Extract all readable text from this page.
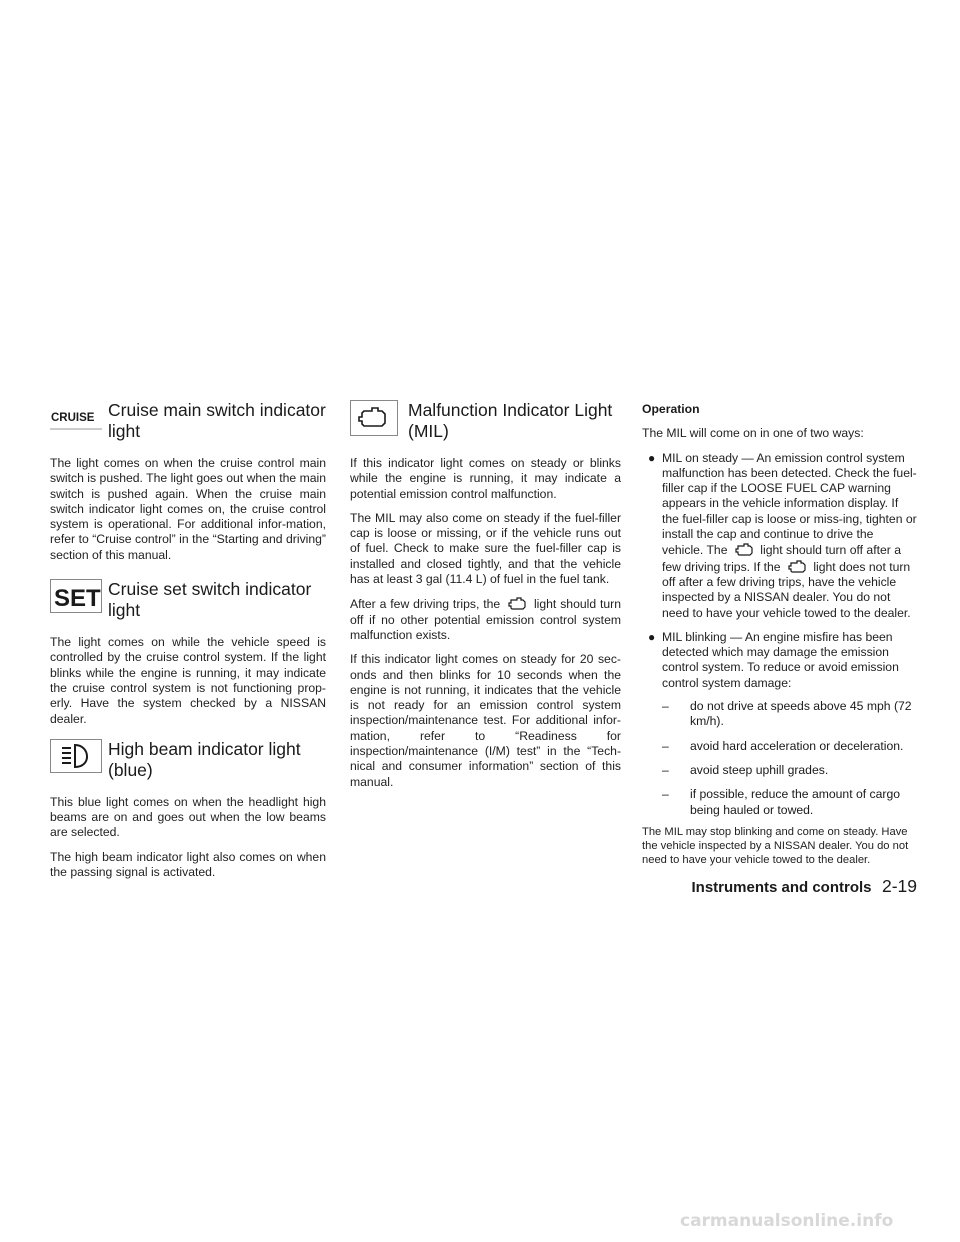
CRUISE Cruise main switch indicator light

The light comes on when the cruise control main switch is pushed. The light goes out when the main switch is pushed again. When the cruise main switch indicator light comes on, the cruise control system is operational. For additional infor-mation, refer to “Cruise control” in the “Starting and driving” section of this manual.

SET Cruise set switch indicator light

The light comes on while the vehicle speed is controlled by the cruise control system. If the light blinks while the engine is running, it may indicate the cruise control system is not functioning prop-erly. Have the system checked by a NISSAN dealer.

High beam indicator light (blue)

This blue light comes on when the headlight high beams are on and goes out when the low beams are selected.

The high beam indicator light also comes on when the passing signal is activated.

Malfunction Indicator Light (MIL)

If this indicator light comes on steady or blinks while the engine is running, it may indicate a potential emission control malfunction.

The MIL may also come on steady if the fuel-filler cap is loose or missing, or if the vehicle runs out of fuel. Check to make sure the fuel-filler cap is installed and closed tightly, and that the vehicle has at least 3 gal (11.4 L) of fuel in the fuel tank.

After a few driving trips, the	light should turn off if no other potential emission control system malfunction exists.

If this indicator light comes on steady for 20 sec-onds and then blinks for 10 seconds when the engine is not running, it indicates that the vehicle is not ready for an emission control system inspection/maintenance test. For additional infor-mation, refer to “Readiness for inspection/maintenance (I/M) test” in the “Tech-nical and consumer information” section of this manual.

Operation

The MIL will come on in one of two ways:

● MIL on steady — An emission control system malfunction has been detected. Check the fuel-filler cap if the LOOSE FUEL CAP warning appears in the vehicle information display. If the fuel-filler cap is loose or miss-ing, tighten or install the cap and continue to drive the vehicle. The	light should turn off after a few driving trips. If the	light does not turn off after a few driving trips, have the vehicle inspected by a NISSAN dealer. You do not need to have your vehicle towed to the dealer.

● MIL blinking — An engine misfire has been detected which may damage the emission control system. To reduce or avoid emission control system damage:

– do not drive at speeds above 45 mph (72 km/h).
– avoid hard acceleration or deceleration.
– avoid steep uphill grades.
– if possible, reduce the amount of cargo being hauled or towed.

The MIL may stop blinking and come on steady. Have the vehicle inspected by a NISSAN dealer. You do not need to have your vehicle towed to the dealer.

Instruments and controls 2-19
carmanualsonline.info
